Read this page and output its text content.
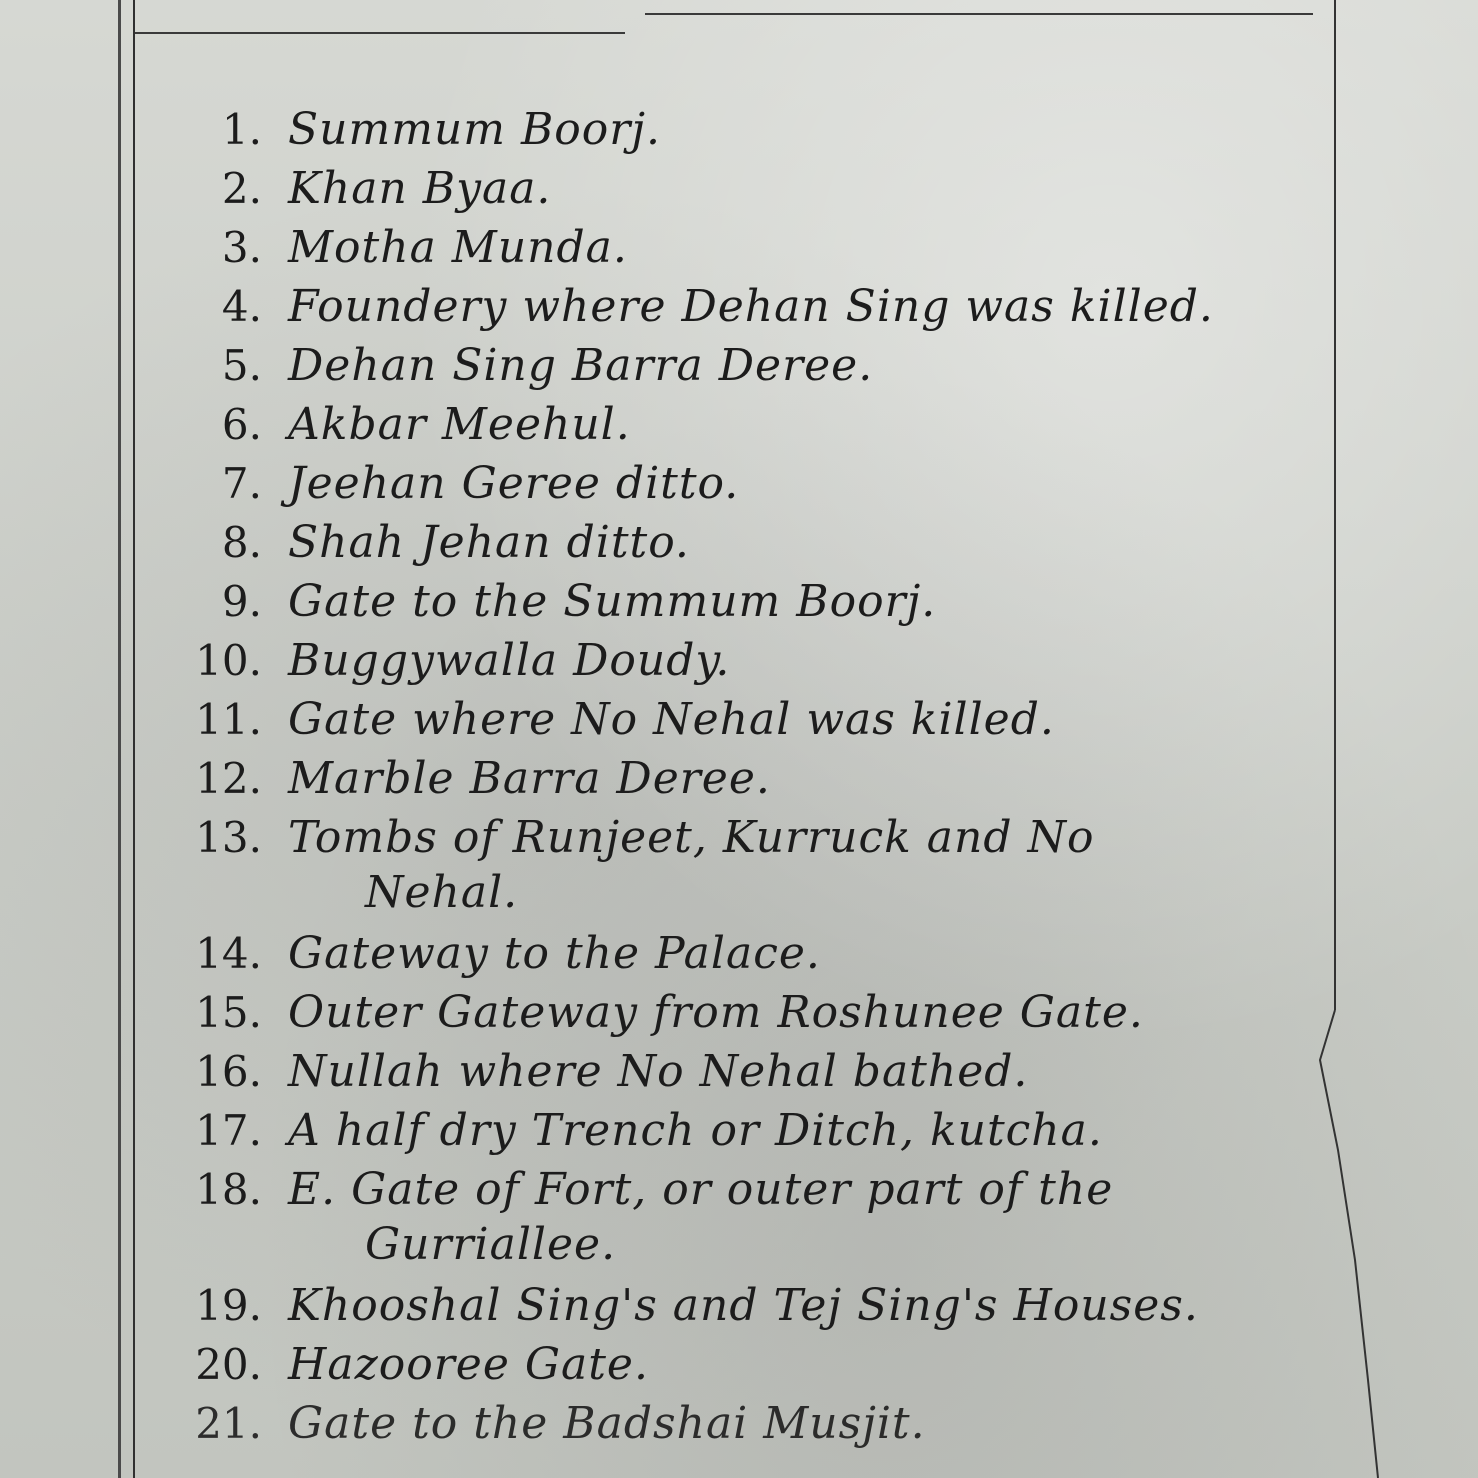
1. Summum Boorj.
2. Khan Byaa.
3. Motha Munda.
4. Foundery where Dehan Sing was killed.
5. Dehan Sing Barra Deree.
6. Akbar Meehul.
7. Jeehan Geree ditto.
8. Shah Jehan ditto.
9. Gate to the Summum Boorj.
10. Buggywalla Doudy.
11. Gate where No Nehal was killed.
12. Marble Barra Deree.
13. Tombs of Runjeet, Kurruck and No
Nehal.
14. Gateway to the Palace.
15. Outer Gateway from Roshunee Gate.
16. Nullah where No Nehal bathed.
17. A half dry Trench or Ditch, kutcha.
18. E. Gate of Fort, or outer part of the
Gurriallee.
19. Khooshal Sing's and Tej Sing's Houses.
20. Hazooree Gate.
21. Gate to the Badshai Musjit.
